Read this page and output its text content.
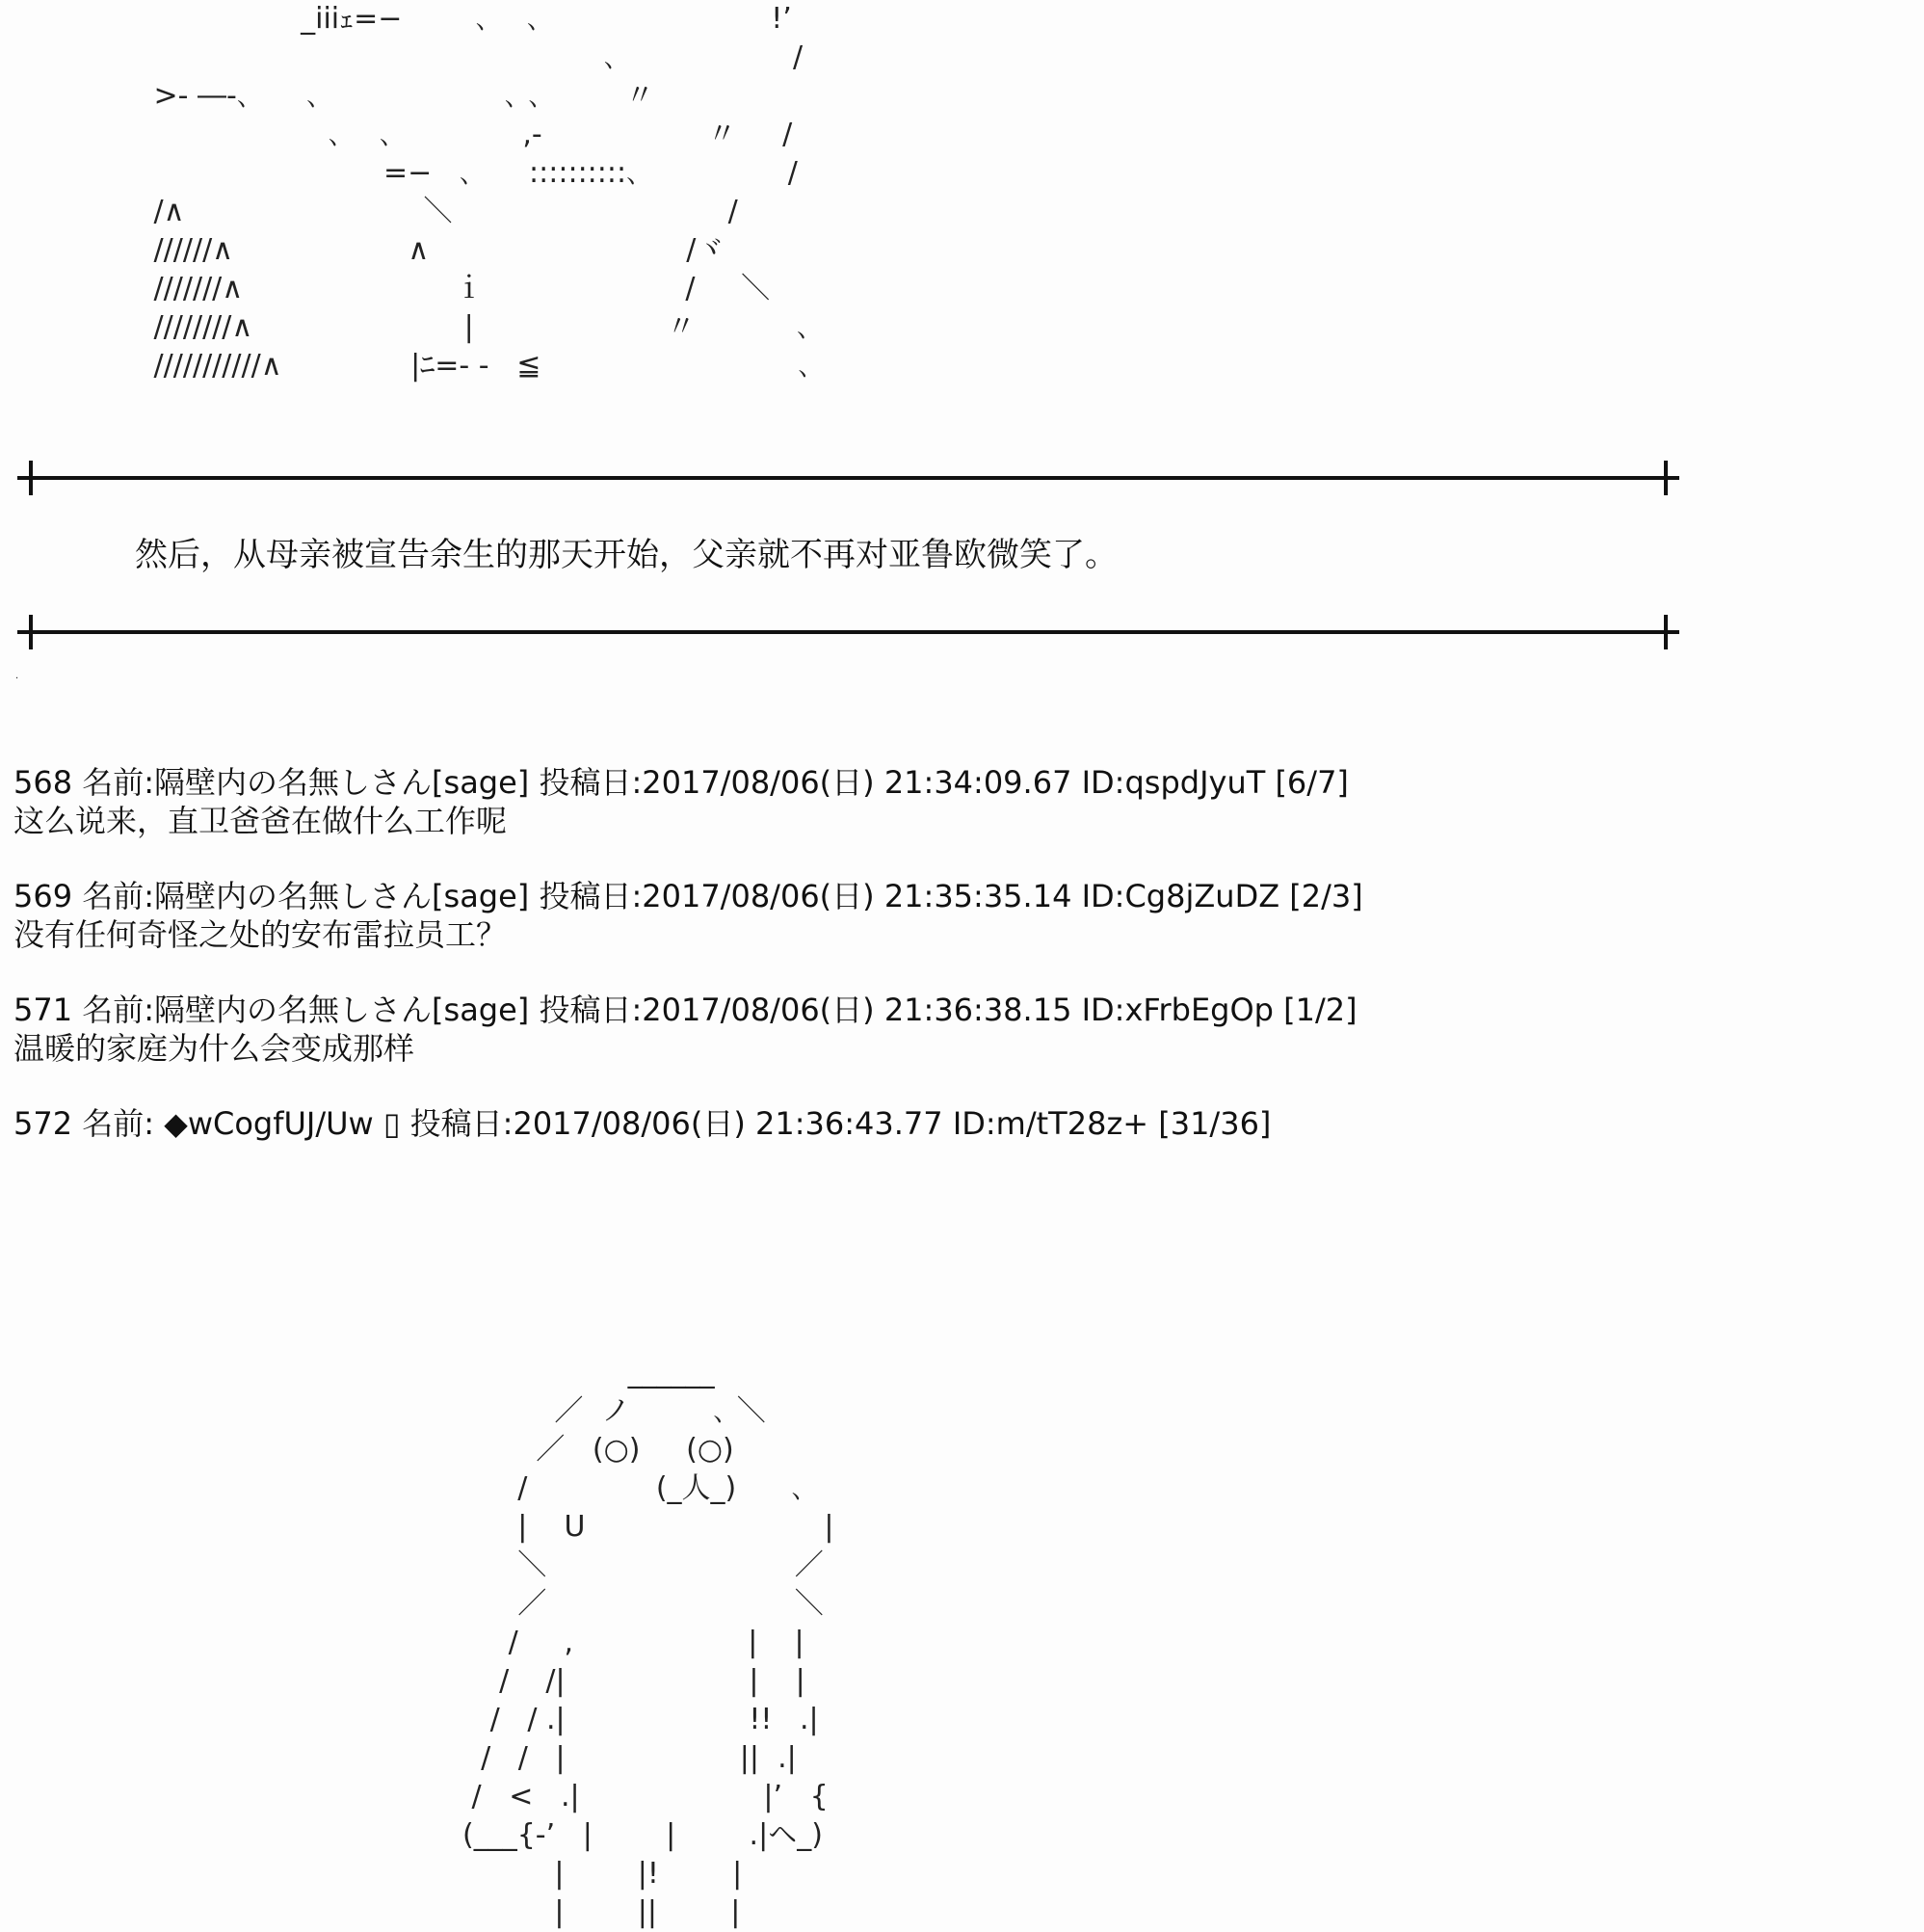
_iiiｪ=−        ､    ､                         !’
､                   /
>- ―-､      ､                    ､ ､         〃
､    ､              ,-                  〃     /
=−   ､      ::::::::::､                /
/∧                          ＼                              /
//////∧                   ∧                            /ヾ
///////∧                       ｉ                      /     ＼
////////∧                       |                     〃           ､
///////////∧              |ﾆ=- -   ≦                            ､

然后，从母亲被宣告余生的那天开始，父亲就不再对亚鲁欧微笑了。

·

568 名前:隔壁内の名無しさん[sage] 投稿日:2017/08/06(日) 21:34:09.67 ID:qspdJyuT [6/7]

这么说来，直卫爸爸在做什么工作呢

569 名前:隔壁内の名無しさん[sage] 投稿日:2017/08/06(日) 21:35:35.14 ID:Cg8jZuDZ [2/3]

没有任何奇怪之处的安布雷拉员工？

571 名前:隔壁内の名無しさん[sage] 投稿日:2017/08/06(日) 21:36:38.15 ID:xFrbEgOp [1/2]

温暖的家庭为什么会变成那样

572 名前: ◆wCogfUJ/Uw ▯ 投稿日:2017/08/06(日) 21:36:43.77 ID:m/tT28z+ [31/36]

______
／  ノ         ､ ＼
／   (○)     (○)
/              (_人_)      ､
|    U                          |
＼                           ／
／                           ＼
/     ,                   |    |
/    /|                    |    |
/   / .|                    !!   .|
/   /   |                   ||  .|
/   <   .|                    |’   {
(___{-’   |        |        .|ヘ_)
|        |!        |
|        ||        |
